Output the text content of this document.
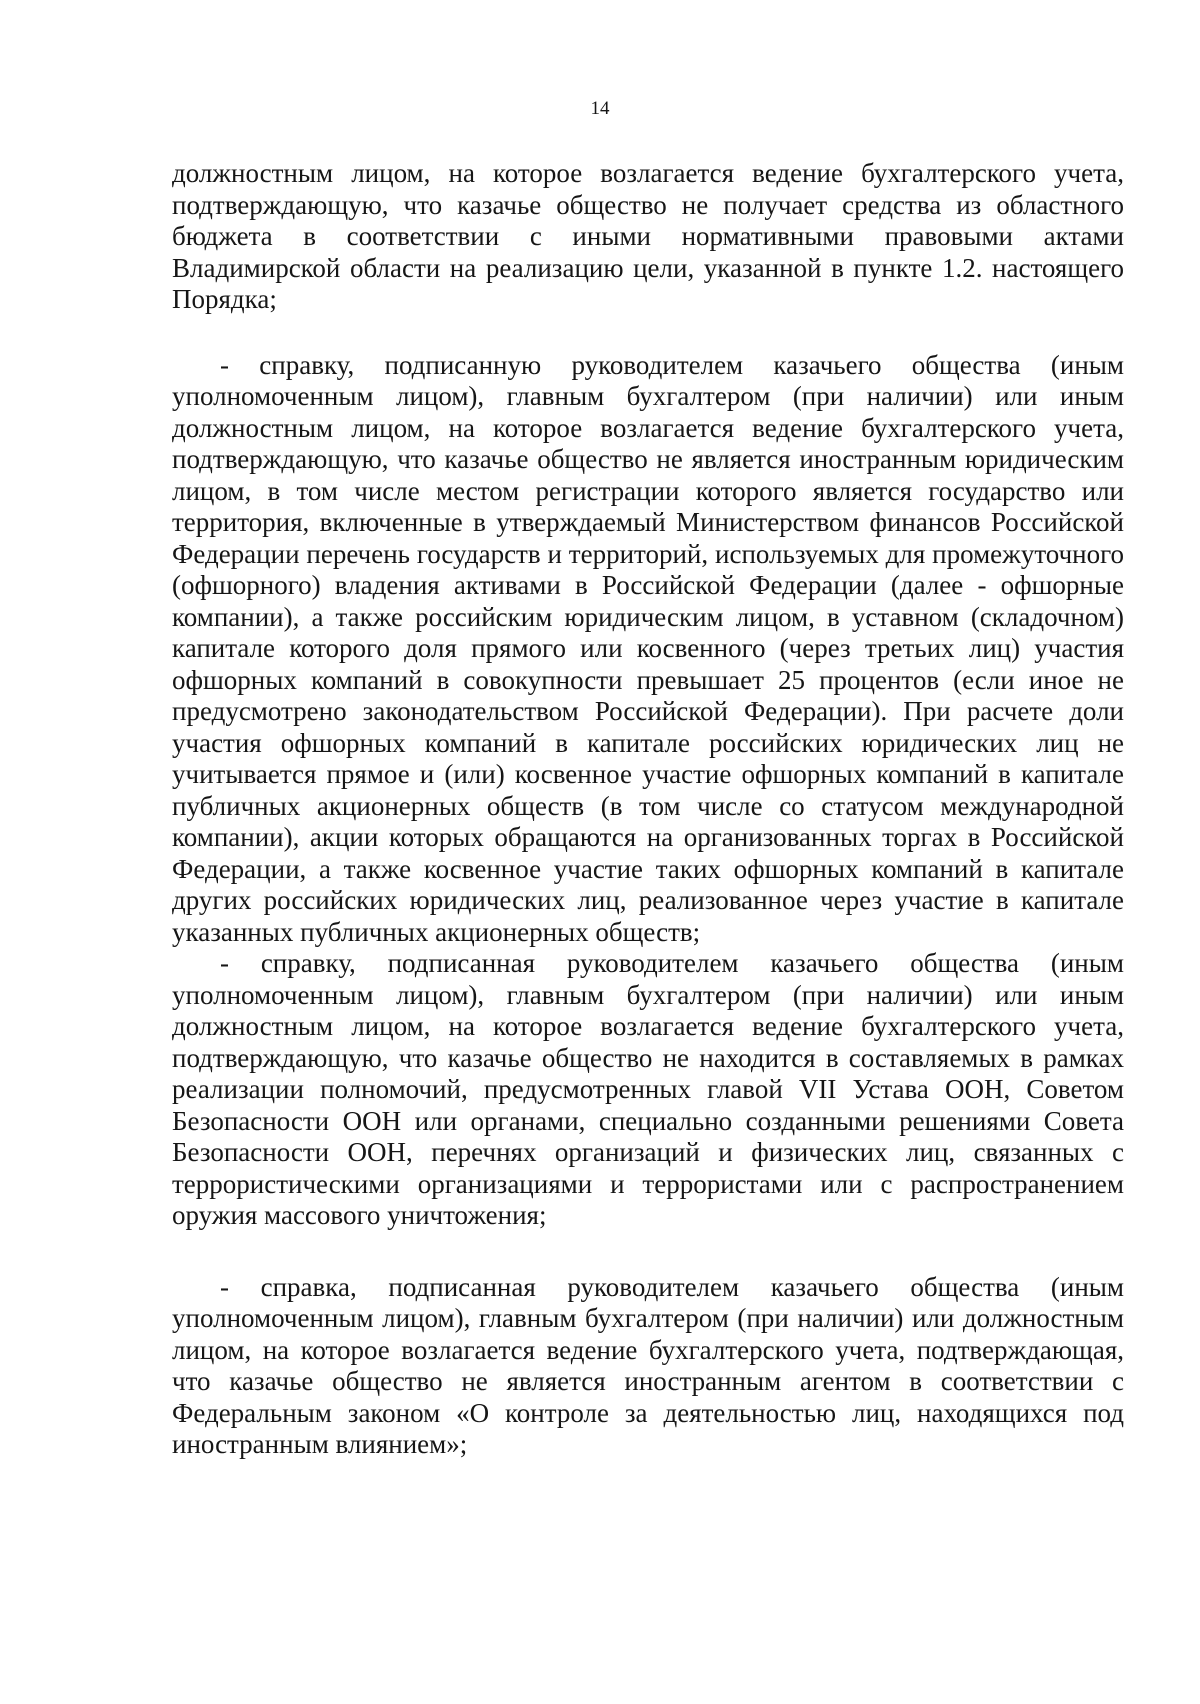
14

должностным лицом, на которое возлагается ведение бухгалтерского учета, подтверждающую, что казачье общество не получает средства из областного бюджета в соответствии с иными нормативными правовыми актами Владимирской области на реализацию цели, указанной в пункте 1.2. настоящего Порядка;

- справку, подписанную руководителем казачьего общества (иным уполномоченным лицом), главным бухгалтером (при наличии) или иным должностным лицом, на которое возлагается ведение бухгалтерского учета, подтверждающую, что казачье общество не является иностранным юридическим лицом, в том числе местом регистрации которого является государство или территория, включенные в утверждаемый Министерством финансов Российской Федерации перечень государств и территорий, используемых для промежуточного (офшорного) владения активами в Российской Федерации (далее - офшорные компании), а также российским юридическим лицом, в уставном (складочном) капитале которого доля прямого или косвенного (через третьих лиц) участия офшорных компаний в совокупности превышает 25 процентов (если иное не предусмотрено законодательством Российской Федерации). При расчете доли участия офшорных компаний в капитале российских юридических лиц не учитывается прямое и (или) косвенное участие офшорных компаний в капитале публичных акционерных обществ (в том числе со статусом международной компании), акции которых обращаются на организованных торгах в Российской Федерации, а также косвенное участие таких офшорных компаний в капитале других российских юридических лиц, реализованное через участие в капитале указанных публичных акционерных обществ;

- справку, подписанная руководителем казачьего общества (иным уполномоченным лицом), главным бухгалтером (при наличии) или иным должностным лицом, на которое возлагается ведение бухгалтерского учета, подтверждающую, что казачье общество не находится в составляемых в рамках реализации полномочий, предусмотренных главой VII Устава ООН, Советом Безопасности ООН или органами, специально созданными решениями Совета Безопасности ООН, перечнях организаций и физических лиц, связанных с террористическими организациями и террористами или с распространением оружия массового уничтожения;

- справка, подписанная руководителем казачьего общества (иным уполномоченным лицом), главным бухгалтером (при наличии) или должностным лицом, на которое возлагается ведение бухгалтерского учета, подтверждающая, что казачье общество не является иностранным агентом в соответствии с Федеральным законом «О контроле за деятельностью лиц, находящихся под иностранным влиянием»;
